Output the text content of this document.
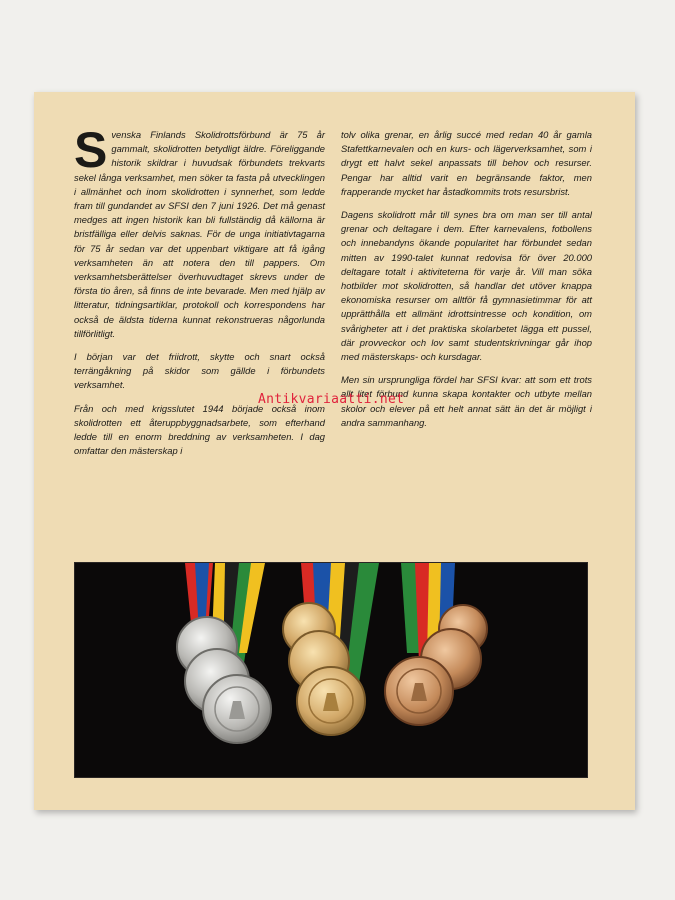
Svenska Finlands Skolidrottsförbund är 75 år gammalt, skolidrotten betydligt äldre. Föreliggande historik skildrar i huvudsak förbundets trekvarts sekel långa verksamhet, men söker ta fasta på utvecklingen i allmänhet och inom skolidrotten i synnerhet, som ledde fram till gundandet av SFSI den 7 juni 1926. Det må genast medges att ingen historik kan bli fullständig då källorna är bristfälliga eller delvis saknas. För de unga initiativtagarna för 75 år sedan var det uppenbart viktigare att få igång verksamheten än att notera den till pappers. Om verksamhetsberättelser överhuvudtaget skrevs under de första tio åren, så finns de inte bevarade. Men med hjälp av litteratur, tidningsartiklar, protokoll och korrespondens har också de äldsta tiderna kunnat rekonstrueras någorlunda tillförlitligt.

I början var det friidrott, skytte och snart också terrängåkning på skidor som gällde i förbundets verksamhet.

Från och med krigsslutet 1944 började också inom skolidrotten ett återuppbyggnadsarbete, som efterhand ledde till en enorm breddning av verksamheten. I dag omfattar den mästerskap i

tolv olika grenar, en årlig succé med redan 40 år gamla Stafettkarnevalen och en kurs- och lägerverksamhet, som i drygt ett halvt sekel anpassats till behov och resurser. Pengar har alltid varit en begränsande faktor, men frapperande mycket har åstadkommits trots resursbrist.

Dagens skolidrott mår till synes bra om man ser till antal grenar och deltagare i dem. Efter karnevalens, fotbollens och innebandyns ökande popularitet har förbundet sedan mitten av 1990-talet kunnat redovisa för över 20.000 deltagare totalt i aktiviteterna för varje år. Vill man söka hotbilder mot skolidrotten, så handlar det utöver knappa ekonomiska resurser om alltför få gymnasietimmar för att upprätthålla ett allmänt idrottsintresse och kondition, om svårigheter att i det praktiska skolarbetet lägga ett pussel, där provveckor och lov samt studentskrivningar går ihop med mästerskaps- och kursdagar.

Men sin ursprungliga fördel har SFSI kvar: att som ett trots allt litet förbund kunna skapa kontakter och utbyte mellan skolor och elever på ett helt annat sätt än det är möjligt i andra sammanhang.

Antikvariaatti.net
